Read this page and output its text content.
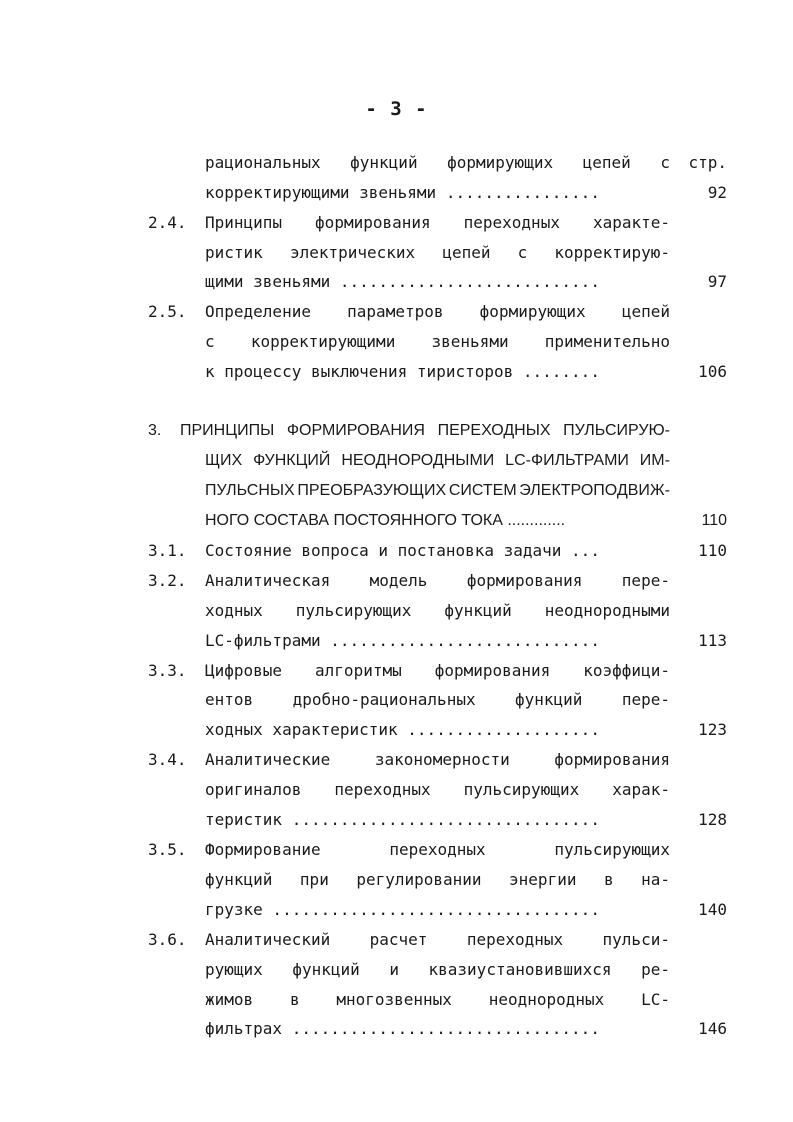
- 3 -
рациональных функций формирующих цепей с стр.
корректирующими звеньями ................	92
2.4. Принципы формирования переходных характе-
ристик электрических цепей с корректирую-
щими звеньями ...........................	97
2.5. Определение параметров формирующих цепей
с корректирующими звеньями применительно
к процессу выключения тиристоров ........	106
3. ПРИНЦИПЫ ФОРМИРОВАНИЯ ПЕРЕХОДНЫХ ПУЛЬСИРУЮ-
ЩИХ ФУНКЦИЙ НЕОДНОРОДНЫМИ LC-ФИЛЬТРАМИ ИМ-
ПУЛЬСНЫХ ПРЕОБРАЗУЮЩИХ СИСТЕМ ЭЛЕКТРОПОДВИЖ-
НОГО СОСТАВА ПОСТОЯННОГО ТОКА .............	110
3.1. Состояние вопроса и постановка задачи ...	110
3.2. Аналитическая модель формирования пере-
ходных пульсирующих функций неоднородными
LC-фильтрами ............................	113
3.3. Цифровые алгоритмы формирования коэффици-
ентов дробно-рациональных функций пере-
ходных характеристик ....................	123
3.4. Аналитические	закономерности	формирования
оригиналов переходных пульсирующих харак-
теристик ................................	128
3.5. Формирование	переходных	пульсирующих
функций при регулировании энергии в на-
грузке ..................................	140
3.6. Аналитический расчет переходных пульси-
рующих функций и квазиустановившихся ре-
жимов в многозвенных неоднородных LC-
фильтрах ................................	146
